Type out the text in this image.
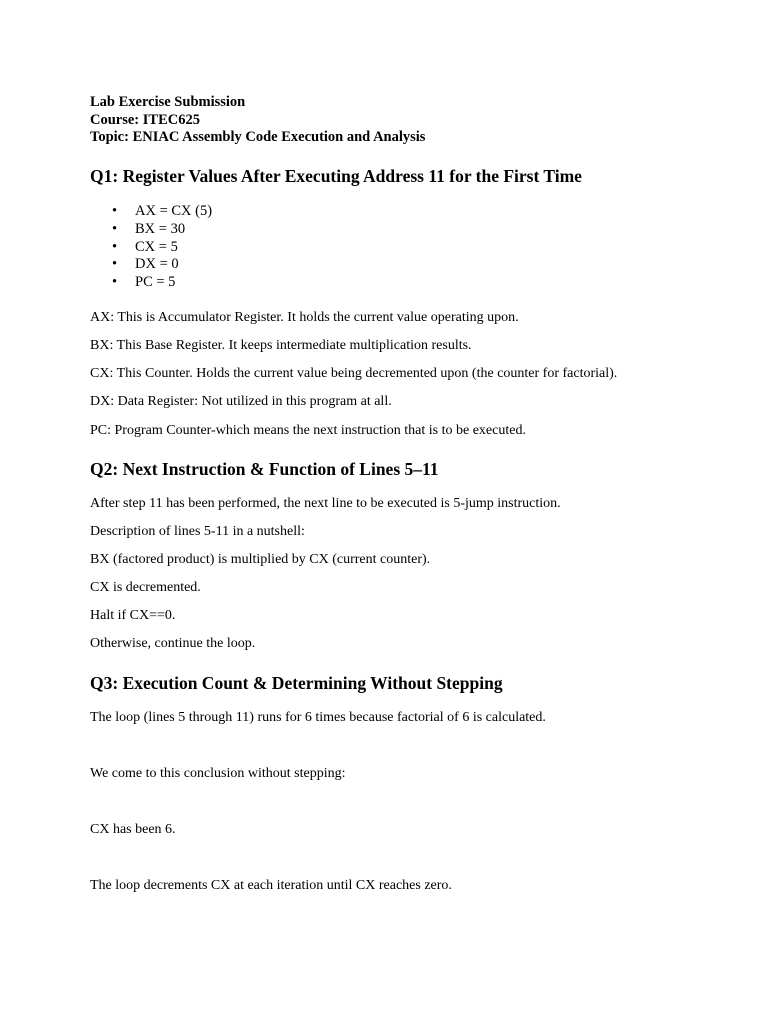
Lab Exercise Submission
Course: ITEC625
Topic: ENIAC Assembly Code Execution and Analysis
Q1: Register Values After Executing Address 11 for the First Time
• AX = CX (5)
• BX = 30
• CX = 5
• DX = 0
• PC = 5

AX: This is Accumulator Register. It holds the current value operating upon.

BX: This Base Register. It keeps intermediate multiplication results.

CX: This Counter. Holds the current value being decremented upon (the counter for factorial).

DX: Data Register: Not utilized in this program at all.

PC: Program Counter-which means the next instruction that is to be executed.

Q2: Next Instruction & Function of Lines 5–11

After step 11 has been performed, the next line to be executed is 5-jump instruction.

Description of lines 5-11 in a nutshell:

BX (factored product) is multiplied by CX (current counter).

CX is decremented.

Halt if CX==0.

Otherwise, continue the loop.

Q3: Execution Count & Determining Without Stepping

The loop (lines 5 through 11) runs for 6 times because factorial of 6 is calculated.

We come to this conclusion without stepping:

CX has been 6.

The loop decrements CX at each iteration until CX reaches zero.
